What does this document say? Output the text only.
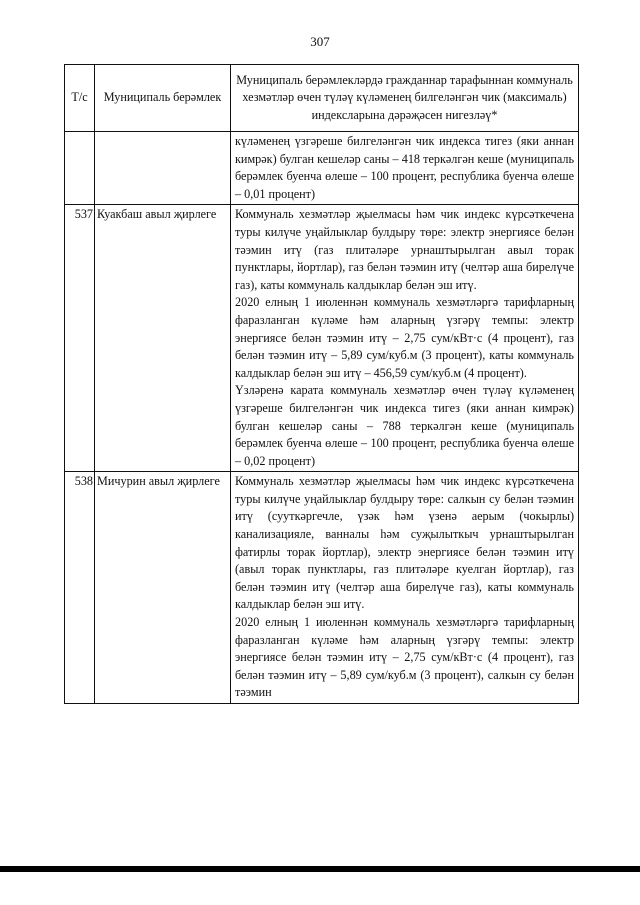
307
Т/с	Муниципаль берәмлек	Муниципаль берәмлекләрдә гражданнар тарафыннан коммуналь хезмәтләр өчен түләү күләменең билгеләнгән чик (максималь) индексларына дәрәҗәсен нигезләү*

		күләменең үзгәреше билгеләнгән чик индекса тигез (яки аннан кимрәк) булган кешеләр саны – 418 теркәлгән кеше (муниципаль берәмлек буенча өлеше – 100 процент, республика буенча өлеше – 0,01 процент)

537	Куакбаш авыл җирлеге	Коммуналь хезмәтләр җыелмасы һәм чик индекс күрсәткечена туры килүче уңайлыклар булдыру төре: электр энергиясе белән тәэмин итү (газ плитәләре урнаштырылган авыл торак пунктлары, йортлар), газ белән тәэмин итү (челтәр аша бирелүче газ), каты коммуналь калдыклар белән эш итү.

2020 елның 1 июленнән коммуналь хезмәтләргә тарифларның фаразланган күләме һәм аларның үзгәрү темпы: электр энергиясе белән тәэмин итү – 2,75 сум/кВт·с (4 процент), газ белән тәэмин итү – 5,89 сум/куб.м (3 процент), каты коммуналь калдыклар белән эш итү – 456,59 сум/куб.м (4 процент).

Үзләренә карата коммуналь хезмәтләр өчен түләү күләменең үзгәреше билгеләнгән чик индекса тигез (яки аннан кимрәк) булган кешеләр саны – 788 теркәлгән кеше (муниципаль берәмлек буенча өлеше – 100 процент, республика буенча өлеше – 0,02 процент)

538	Мичурин авыл җирлеге	Коммуналь хезмәтләр җыелмасы һәм чик индекс күрсәткечена туры килүче уңайлыклар булдыру төре: салкын су белән тәэмин итү (сууткәргечле, үзәк һәм үзенә аерым (чокырлы) канализацияле, ванналы һәм суҗылыткыч урнаштырылган фатирлы торак йортлар), электр энергиясе белән тәэмин итү (авыл торак пунктлары, газ плитәләре куелган йортлар), газ белән тәэмин итү (челтәр аша бирелүче газ), каты коммуналь калдыклар белән эш итү.

2020 елның 1 июленнән коммуналь хезмәтләргә тарифларның фаразланган күләме һәм аларның үзгәрү темпы: электр энергиясе белән тәэмин итү – 2,75 сум/кВт·с (4 процент), газ белән тәэмин итү – 5,89 сум/куб.м (3 процент), салкын су белән тәэмин
